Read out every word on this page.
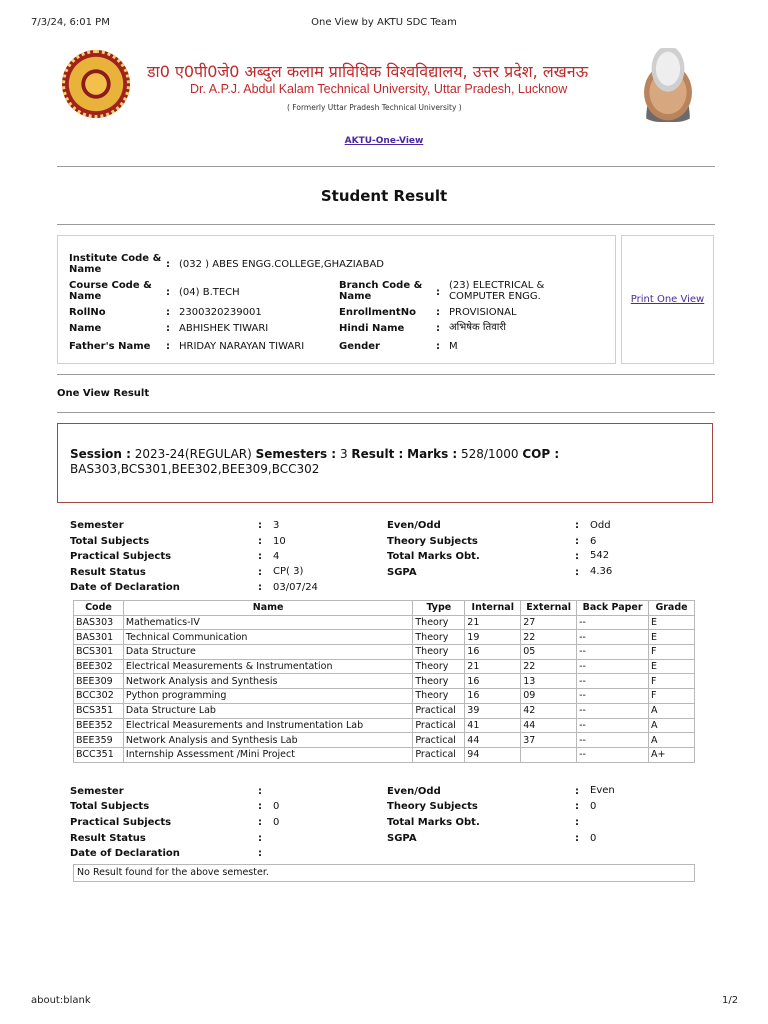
7/3/24, 6:01 PM	One View by AKTU SDC Team
डा0 ए0पी0जे0 अब्दुल कलाम प्राविधिक विश्वविद्यालय, उत्तर प्रदेश, लखनऊ
Dr. A.P.J. Abdul Kalam Technical University, Uttar Pradesh, Lucknow
( Formerly Uttar Pradesh Technical University )
AKTU-One-View
Student Result
Institute Code & Name	: (032 ) ABES ENGG.COLLEGE,GHAZIABAD
Course Code & Name	: (04) B.TECH
Branch Code & Name	:
(23) ELECTRICAL & COMPUTER ENGG.
RollNo	: 2300320239001	EnrollmentNo : PROVISIONAL
Name	: ABHISHEK TIWARI	Hindi Name	: अभिषेक तिवारी
Father's Name : HRIDAY NARAYAN TIWARI	Gender	: M
Print One View
One View Result
Session : 2023-24(REGULAR) Semesters : 3 Result : Marks : 528/1000 COP :
BAS303,BCS301,BEE302,BEE309,BCC302
Semester	: 3	Even/Odd	: Odd
Total Subjects	: 10	Theory Subjects	: 6
Practical Subjects	: 4	Total Marks Obt.	: 542
Result Status	: CP( 3)	SGPA	: 4.36
Date of Declaration	: 03/07/24
Code	Name	Type	Internal	External	Back Paper	Grade
BAS303	Mathematics-IV	Theory	21	27	--	E
BAS301	Technical Communication	Theory	19	22	--	E
BCS301	Data Structure	Theory	16	05	--	F
BEE302	Electrical Measurements & Instrumentation	Theory	21	22	--	E
BEE309	Network Analysis and Synthesis	Theory	16	13	--	F
BCC302	Python programming	Theory	16	09	--	F
BCS351	Data Structure Lab	Practical	39	42	--	A
BEE352	Electrical Measurements and Instrumentation Lab	Practical	41	44	--	A
BEE359	Network Analysis and Synthesis Lab	Practical	44	37	--	A
BCC351	Internship Assessment /Mini Project	Practical	94		--	A+
Semester	:	Even/Odd	: Even
Total Subjects	: 0	Theory Subjects	: 0
Practical Subjects	: 0	Total Marks Obt.	:
Result Status	:	SGPA	: 0
Date of Declaration	:
No Result found for the above semester.
about:blank	1/2
